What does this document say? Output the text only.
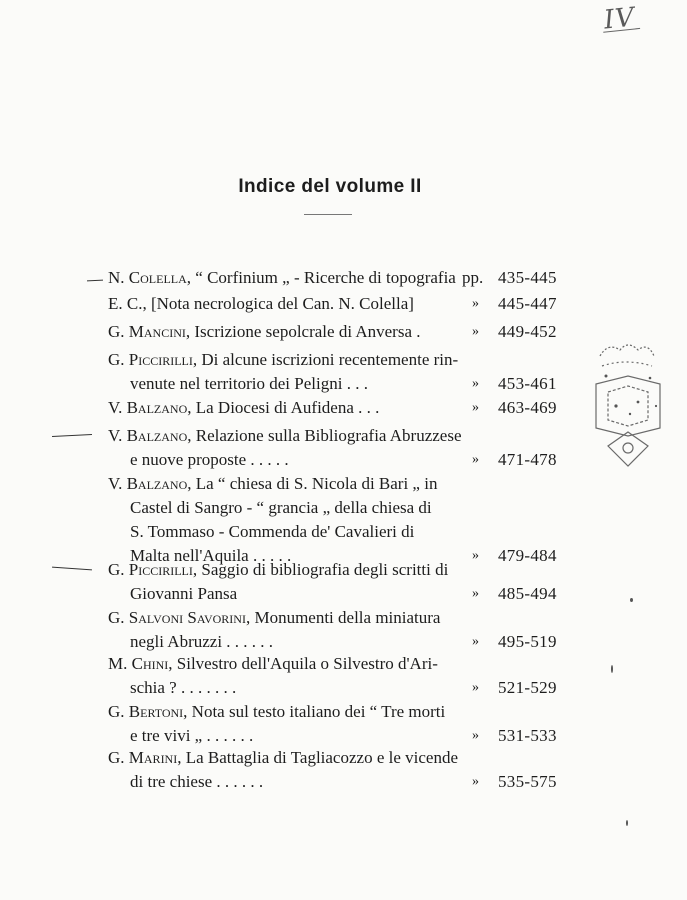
IV
Indice del volume II
N. Colella, “ Corfinium „ - Ricerche di topografia pp. 435-445
E. C., [Nota necrologica del Can. N. Colella]	» 445-447
G. Mancini, Iscrizione sepolcrale di Anversa .	» 449-452
G. Piccirilli, Di alcune iscrizioni recentemente rin-
venute nel territorio dei Peligni . . .	» 453-461
V. Balzano, La Diocesi di Aufidena . . .	» 463-469
V. Balzano, Relazione sulla Bibliografia Abruzzese
e nuove proposte . . . . .	» 471-478
V. Balzano, La “ chiesa di S. Nicola di Bari „ in
Castel di Sangro - “ grancia „ della chiesa di
S. Tommaso - Commenda de' Cavalieri di
Malta nell'Aquila . . . . .	» 479-484
G. Piccirilli, Saggio di bibliografia degli scritti di
Giovanni Pansa	» 485-494
G. Salvoni Savorini, Monumenti della miniatura
negli Abruzzi . . . . . .	» 495-519
M. Chini, Silvestro dell'Aquila o Silvestro d'Ari-
schia ? . . . . . . .	» 521-529
G. Bertoni, Nota sul testo italiano dei “ Tre morti
e tre vivi „ . . . . . .	» 531-533
G. Marini, La Battaglia di Tagliacozzo e le vicende
di tre chiese . . . . . .	» 535-575
